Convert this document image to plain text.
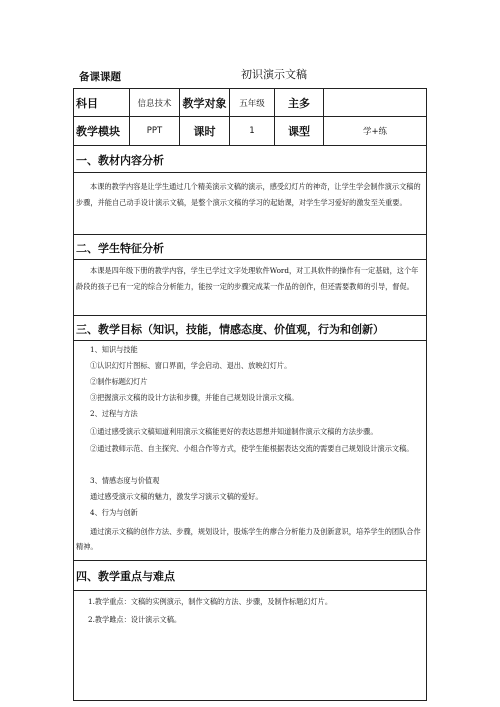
备课课题	初识演示文稿
科目	信息技术	教学对象	五年级	主多
教学模块	PPT	课时	1	课型	学+练
一、教材内容分析
本课的教学内容是让学生通过几个精美演示文稿的演示，感受幻灯片的神奇，让学生学会制作演示文稿的步骤，并能自己动手设计演示文稿，是整个演示文稿的学习的起始课，对学生学习爱好的激发至关重要。
二、学生特征分析
本课是四年级下册的教学内容，学生已学过文字处理软件Word，对工具软件的操作有一定基础，这个年龄段的孩子已有一定的综合分析能力，能按一定的步骤完成某一作品的创作，但还需要教师的引导，督促。
三、教学目标（知识，技能，情感态度、价值观，行为和创新）
1、知识与技能
①认识幻灯片图标、窗口界面，学会启动、退出、放映幻灯片。
②制作标题幻灯片
③把握演示文稿的设计方法和步骤，并能自己规划设计演示文稿。
2、过程与方法
①通过感受演示文稿知道利用演示文稿能更好的表达思想并知道制作演示文稿的方法步骤。
②通过教师示范、自主探究、小组合作等方式，使学生能根据表达交流的需要自己规划设计演示文稿。
3、情感态度与价值观
通过感受演示文稿的魅力，激发学习演示文稿的爱好。
4、行为与创新
通过演示文稿的创作方法、步骤，规划设计，股炼学生的瘳合分析能力及创新意识，培养学生的团队合作精神。
四、教学重点与难点
1.教学重点：文稿的实例演示，制作文稿的方法、步骤，及制作标题幻灯片。
2.教学雎点：设计演示文稿。
